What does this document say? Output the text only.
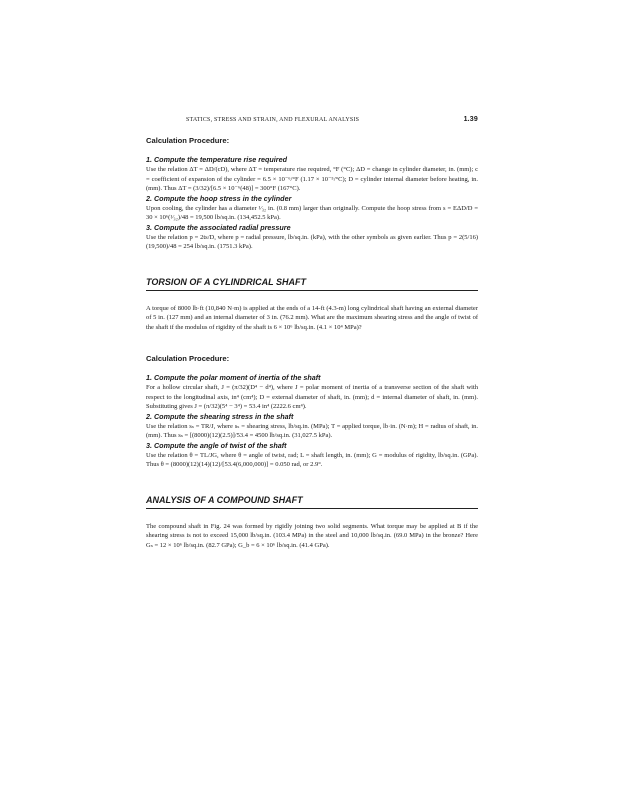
STATICS, STRESS AND STRAIN, AND FLEXURAL ANALYSIS	1.39

Calculation Procedure:

1. Compute the temperature rise required

Use the relation ΔT = ΔD/(cD), where ΔT = temperature rise required, °F (°C); ΔD = change in cylinder diameter, in. (mm); c = coefficient of expansion of the cylinder = 6.5 × 10⁻⁶/°F (1.17 × 10⁻⁵/°C); D = cylinder internal diameter before heating, in. (mm). Thus ΔT = (3/32)/[6.5 × 10⁻⁶(48)] = 300°F (167°C).

2. Compute the hoop stress in the cylinder

Upon cooling, the cylinder has a diameter ¹⁄₃₂ in. (0.8 mm) larger than originally. Compute the hoop stress from s = EΔD/D = 30 × 10⁶(¹⁄₃₂)/48 = 19,500 lb/sq.in. (134,452.5 kPa).

3. Compute the associated radial pressure

Use the relation p = 2ts/D, where p = radial pressure, lb/sq.in. (kPa), with the other symbols as given earlier. Thus p = 2(5/16)(19,500)/48 = 254 lb/sq.in. (1751.3 kPa).

TORSION OF A CYLINDRICAL SHAFT

A torque of 8000 lb·ft (10,840 N·m) is applied at the ends of a 14-ft (4.3-m) long cylindrical shaft having an external diameter of 5 in. (127 mm) and an internal diameter of 3 in. (76.2 mm). What are the maximum shearing stress and the angle of twist of the shaft if the modulus of rigidity of the shaft is 6 × 10⁶ lb/sq.in. (4.1 × 10⁴ MPa)?

Calculation Procedure:

1. Compute the polar moment of inertia of the shaft

For a hollow circular shaft, J = (π/32)(D⁴ − d⁴), where J = polar moment of inertia of a transverse section of the shaft with respect to the longitudinal axis, in⁴ (cm⁴); D = external diameter of shaft, in. (mm); d = internal diameter of shaft, in. (mm). Substituting gives J = (π/32)(5⁴ − 3⁴) = 53.4 in⁴ (2222.6 cm⁴).

2. Compute the shearing stress in the shaft

Use the relation sₛ = TR/J, where sₛ = shearing stress, lb/sq.in. (MPa); T = applied torque, lb·in. (N·m); H = radius of shaft, in. (mm). Thus sₛ = [(8000)(12)(2.5)]/53.4 = 4500 lb/sq.in. (31,027.5 kPa).

3. Compute the angle of twist of the shaft

Use the relation θ = TL/JG, where θ = angle of twist, rad; L = shaft length, in. (mm); G = modulus of rigidity, lb/sq.in. (GPa). Thus θ = (8000)(12)(14)(12)/[53.4(6,000,000)] = 0.050 rad, or 2.9°.

ANALYSIS OF A COMPOUND SHAFT

The compound shaft in Fig. 24 was formed by rigidly joining two solid segments. What torque may be applied at B if the shearing stress is not to exceed 15,000 lb/sq.in. (103.4 MPa) in the steel and 10,000 lb/sq.in. (69.0 MPa) in the bronze? Here Gₛ = 12 × 10⁶ lb/sq.in. (82.7 GPa); G_b = 6 × 10⁶ lb/sq.in. (41.4 GPa).
